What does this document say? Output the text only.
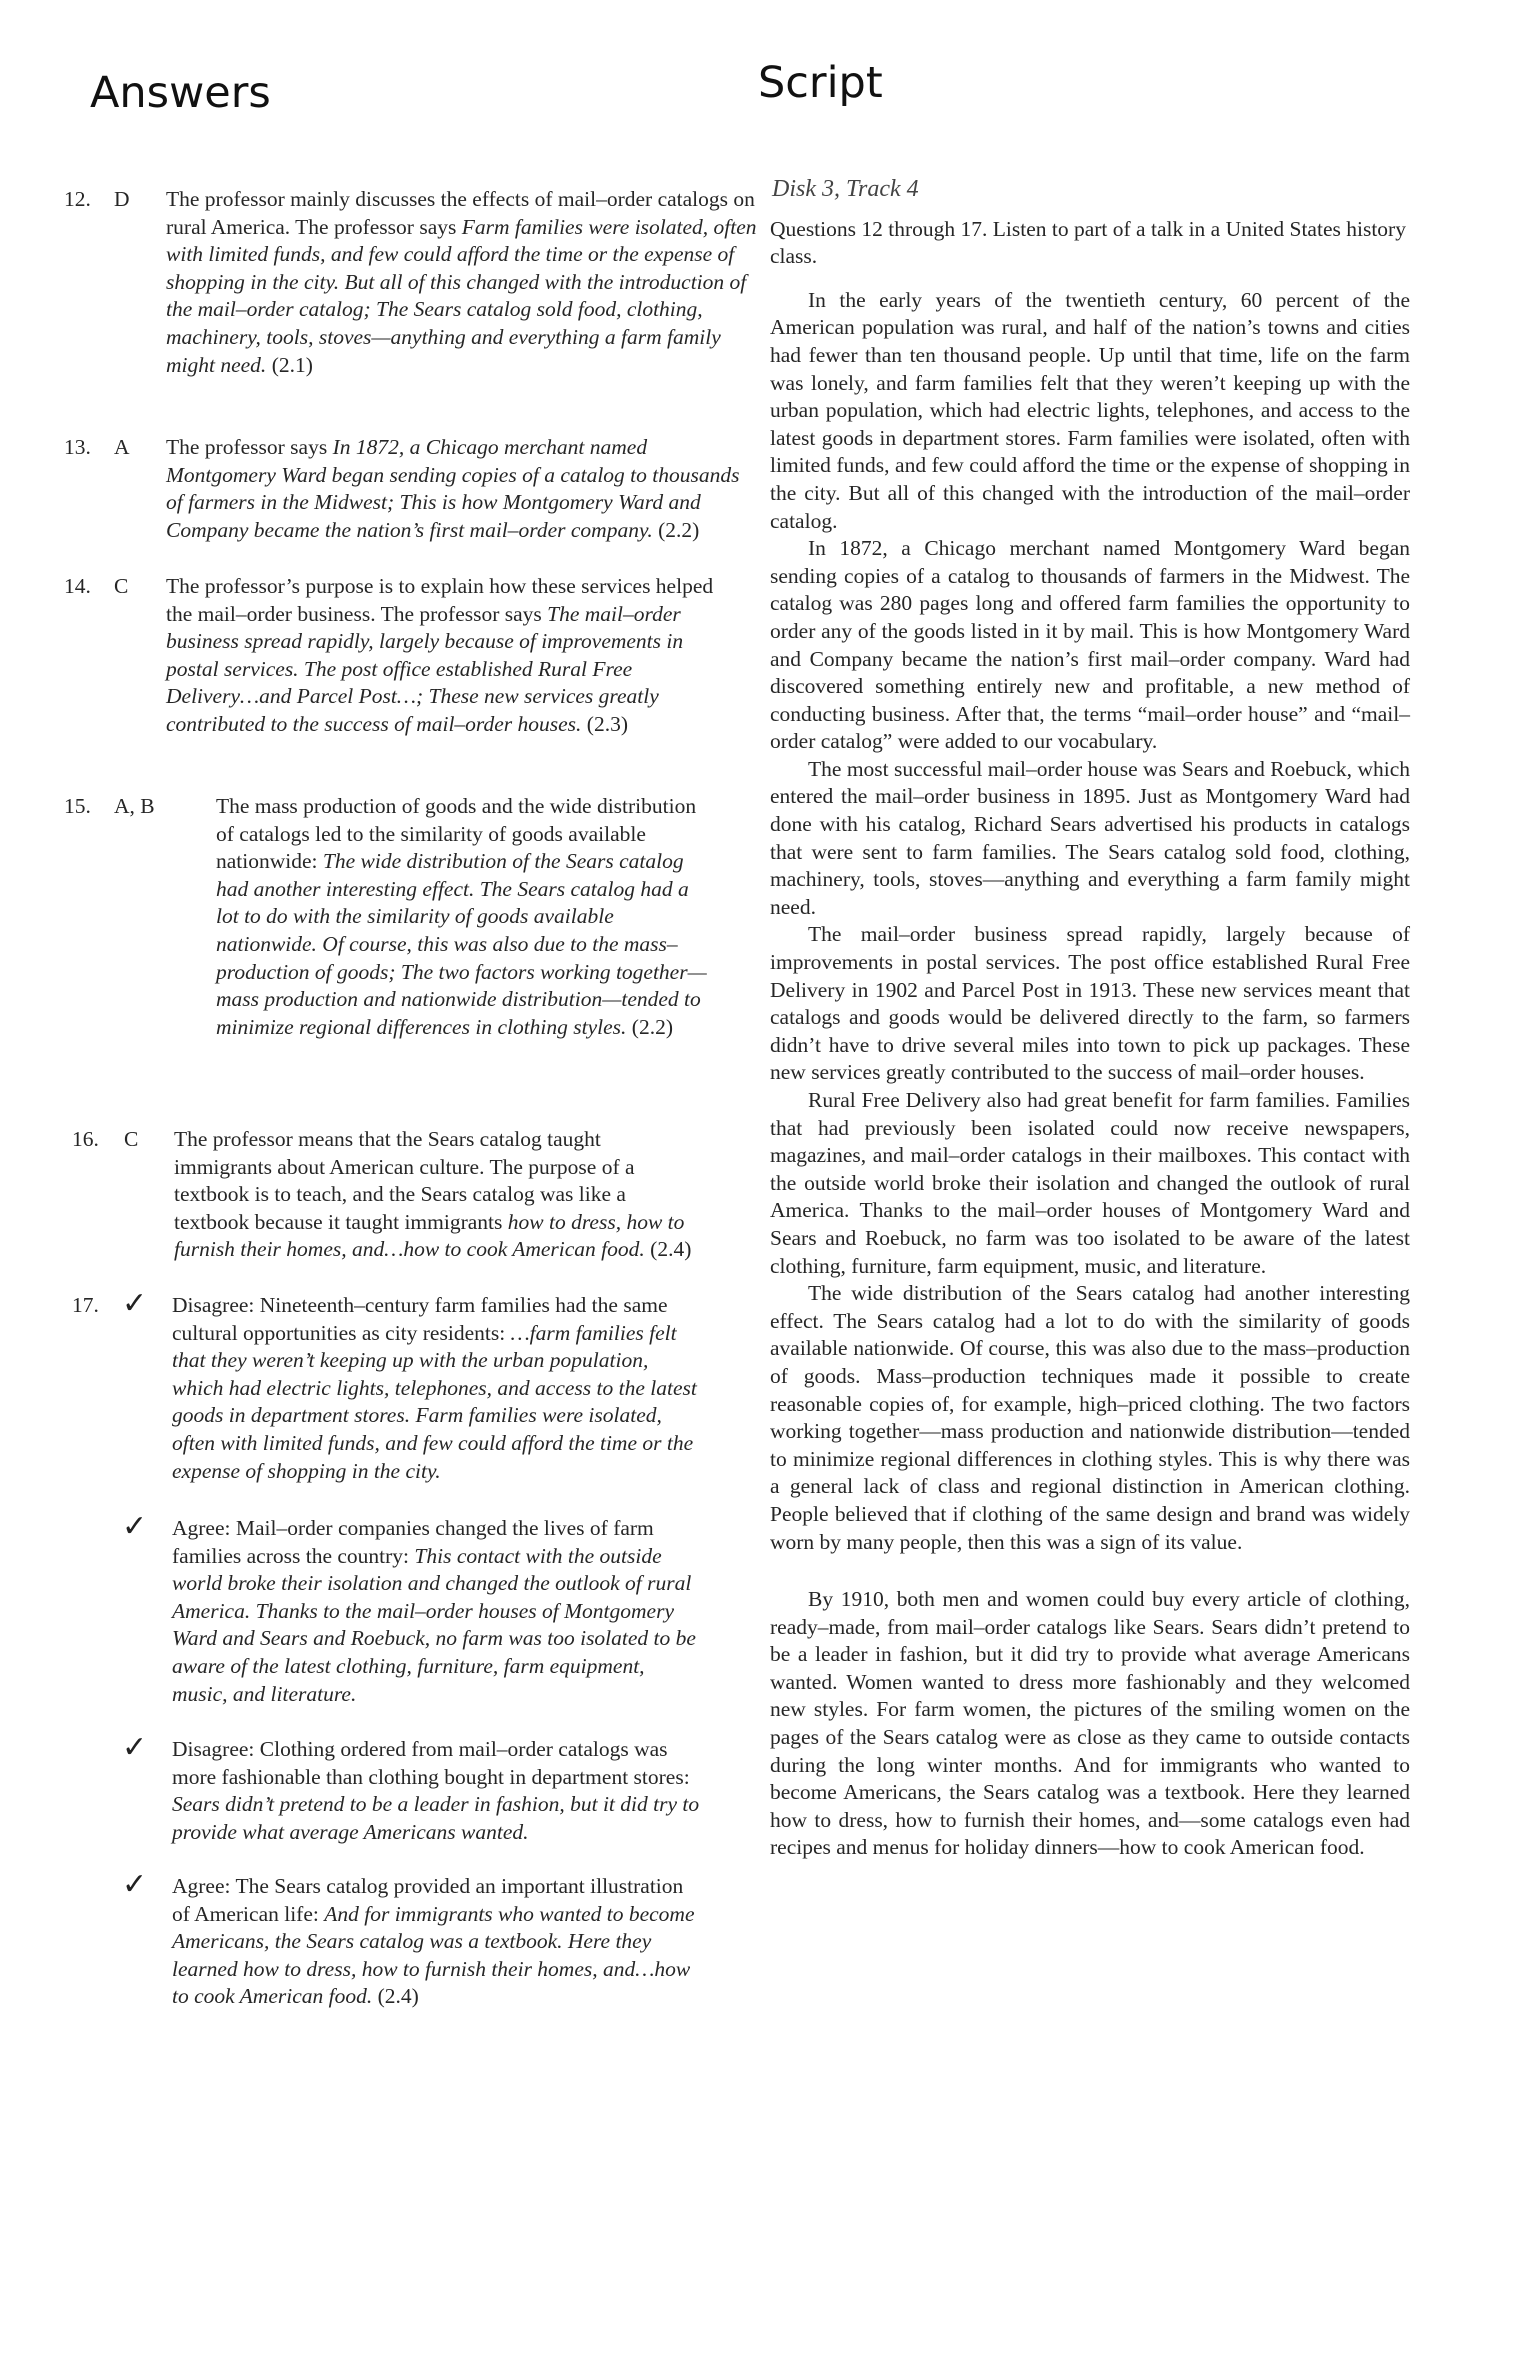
Answers	Script
12. D The professor mainly discusses the effects of mail–order catalogs on rural America. The professor says Farm families were isolated, often with limited funds, and few could afford the time or the expense of shopping in the city. But all of this changed with the introduction of the mail–order catalog; The Sears catalog sold food, clothing, machinery, tools, stoves—anything and everything a farm family might need. (2.1)

13. A The professor says In 1872, a Chicago merchant named Montgomery Ward began sending copies of a catalog to thousands of farmers in the Midwest; This is how Montgomery Ward and Company became the nation’s first mail–order company. (2.2)

14. C The professor’s purpose is to explain how these services helped the mail–order business. The professor says The mail–order business spread rapidly, largely because of improvements in postal services. The post office established Rural Free Delivery…and Parcel Post…; These new services greatly contributed to the success of mail–order houses. (2.3)

15. A, B	The mass production of goods and the wide distribution of catalogs led to the similarity of goods available nationwide: The wide distribution of the Sears catalog had another interesting effect. The Sears catalog had a lot to do with the similarity of goods available nationwide. Of course, this was also due to the mass–production of goods; The two factors working together—mass production and nationwide distribution—tended to minimize regional differences in clothing styles. (2.2)

16. C The professor means that the Sears catalog taught immigrants about American culture. The purpose of a textbook is to teach, and the Sears catalog was like a textbook because it taught immigrants how to dress, how to furnish their homes, and…how to cook American food. (2.4)

17. ✓ Disagree: Nineteenth–century farm families had the same cultural opportunities as city residents: …farm families felt that they weren’t keeping up with the urban population, which had electric lights, telephones, and access to the latest goods in department stores. Farm families were isolated, often with limited funds, and few could afford the time or the expense of shopping in the city.

✓ Agree: Mail–order companies changed the lives of farm families across the country: This contact with the outside world broke their isolation and changed the outlook of rural America. Thanks to the mail–order houses of Montgomery Ward and Sears and Roebuck, no farm was too isolated to be aware of the latest clothing, furniture, farm equipment, music, and literature.

✓ Disagree: Clothing ordered from mail–order catalogs was more fashionable than clothing bought in department stores: Sears didn’t pretend to be a leader in fashion, but it did try to provide what average Americans wanted.

✓ Agree: The Sears catalog provided an important illustration of American life: And for immigrants who wanted to become Americans, the Sears catalog was a textbook. Here they learned how to dress, how to furnish their homes, and…how to cook American food. (2.4)

Disk 3, Track 4

Questions 12 through 17. Listen to part of a talk in a United States history class.

In the early years of the twentieth century, 60 percent of the American population was rural, and half of the nation’s towns and cities had fewer than ten thousand people. Up until that time, life on the farm was lonely, and farm families felt that they weren’t keeping up with the urban population, which had electric lights, telephones, and access to the latest goods in department stores. Farm families were isolated, often with limited funds, and few could afford the time or the expense of shopping in the city. But all of this changed with the introduction of the mail–order catalog.

In 1872, a Chicago merchant named Montgomery Ward began sending copies of a catalog to thousands of farmers in the Midwest. The catalog was 280 pages long and offered farm families the opportunity to order any of the goods listed in it by mail. This is how Montgomery Ward and Company became the nation’s first mail–order company. Ward had discovered something entirely new and profitable, a new method of conducting business. After that, the terms “mail–order house” and “mail–order catalog” were added to our vocabulary.

The most successful mail–order house was Sears and Roebuck, which entered the mail–order business in 1895. Just as Montgomery Ward had done with his catalog, Richard Sears advertised his products in catalogs that were sent to farm families. The Sears catalog sold food, clothing, machinery, tools, stoves—anything and everything a farm family might need.

The mail–order business spread rapidly, largely because of improvements in postal services. The post office established Rural Free Delivery in 1902 and Parcel Post in 1913. These new services meant that catalogs and goods would be delivered directly to the farm, so farmers didn’t have to drive several miles into town to pick up packages. These new services greatly contributed to the success of mail–order houses.

Rural Free Delivery also had great benefit for farm families. Families that had previously been isolated could now receive newspapers, magazines, and mail–order catalogs in their mailboxes. This contact with the outside world broke their isolation and changed the outlook of rural America. Thanks to the mail–order houses of Montgomery Ward and Sears and Roebuck, no farm was too isolated to be aware of the latest clothing, furniture, farm equipment, music, and literature.

The wide distribution of the Sears catalog had another interesting effect. The Sears catalog had a lot to do with the similarity of goods available nationwide. Of course, this was also due to the mass–production of goods. Mass–production techniques made it possible to create reasonable copies of, for example, high–priced clothing. The two factors working together—mass production and nationwide distribution—tended to minimize regional differences in clothing styles. This is why there was a general lack of class and regional distinction in American clothing. People believed that if clothing of the same design and brand was widely worn by many people, then this was a sign of its value.

By 1910, both men and women could buy every article of clothing, ready–made, from mail–order catalogs like Sears. Sears didn’t pretend to be a leader in fashion, but it did try to provide what average Americans wanted. Women wanted to dress more fashionably and they welcomed new styles. For farm women, the pictures of the smiling women on the pages of the Sears catalog were as close as they came to outside contacts during the long winter months. And for immigrants who wanted to become Americans, the Sears catalog was a textbook. Here they learned how to dress, how to furnish their homes, and—some catalogs even had recipes and menus for holiday dinners—how to cook American food.
